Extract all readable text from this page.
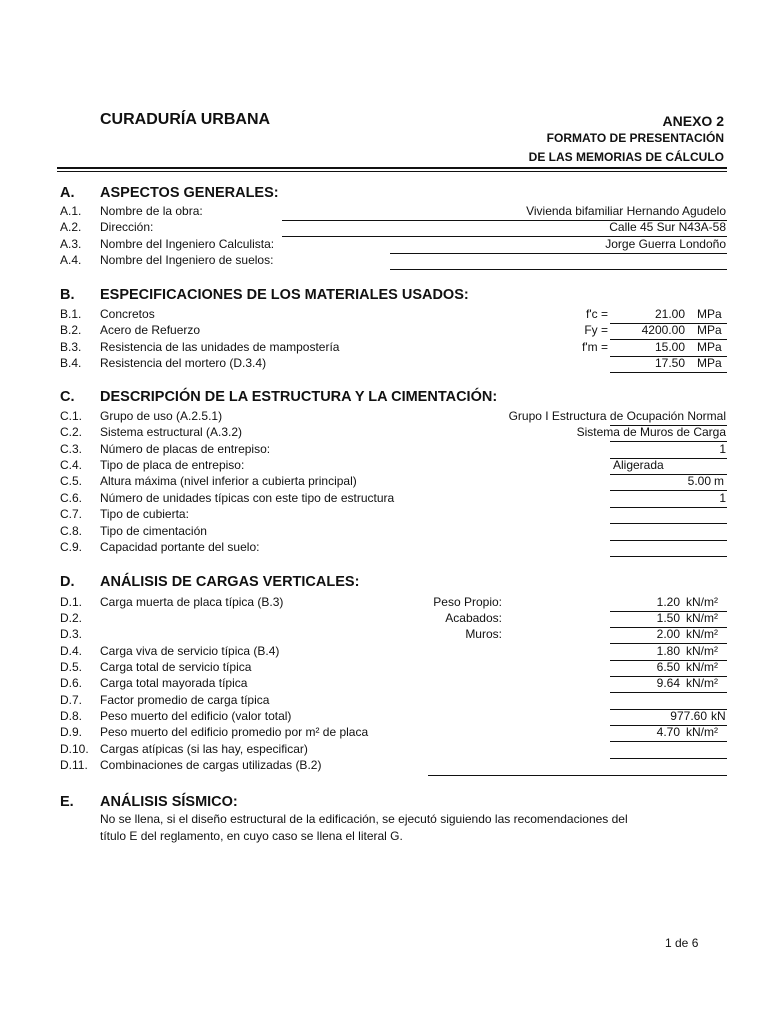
CURADURÍA URBANA	ANEXO 2
FORMATO DE PRESENTACIÓN
DE LAS MEMORIAS DE CÁLCULO
A. ASPECTOS GENERALES:
A.1. Nombre de la obra:	Vivienda bifamiliar Hernando Agudelo
A.2. Dirección:	Calle 45 Sur N43A-58
A.3. Nombre del Ingeniero Calculista:	Jorge Guerra Londoño
A.4. Nombre del Ingeniero de suelos:
B. ESPECIFICACIONES DE LOS MATERIALES USADOS:
B.1. Concretos	f'c =	21.00 MPa
B.2. Acero de Refuerzo	Fy =	4200.00 MPa
B.3. Resistencia de las unidades de mampostería	f'm =	15.00 MPa
B.4. Resistencia del mortero (D.3.4)	17.50 MPa
C. DESCRIPCIÓN DE LA ESTRUCTURA Y LA CIMENTACIÓN:
C.1. Grupo de uso (A.2.5.1)	Grupo I Estructura de Ocupación Normal
C.2. Sistema estructural (A.3.2)	Sistema de Muros de Carga
C.3. Número de placas de entrepiso:	1
C.4. Tipo de placa de entrepiso:	Aligerada
C.5. Altura máxima (nivel inferior a cubierta principal)	5.00 m
C.6. Número de unidades típicas con este tipo de estructura	1
C.7. Tipo de cubierta:
C.8. Tipo de cimentación
C.9. Capacidad portante del suelo:
D. ANÁLISIS DE CARGAS VERTICALES:
D.1. Carga muerta de placa típica (B.3)	Peso Propio:	1.20 kN/m²
D.2.	Acabados:	1.50 kN/m²
D.3.	Muros:	2.00 kN/m²
D.4. Carga viva de servicio típica (B.4)	1.80 kN/m²
D.5. Carga total de servicio típica	6.50 kN/m²
D.6. Carga total mayorada típica	9.64 kN/m²
D.7. Factor promedio de carga típica
D.8. Peso muerto del edificio (valor total)	977.60 kN
D.9. Peso muerto del edificio promedio por m² de placa	4.70 kN/m²
D.10. Cargas atípicas (si las hay, especificar)
D.11. Combinaciones de cargas utilizadas (B.2)
E. ANÁLISIS SÍSMICO:
No se llena, si el diseño estructural de la edificación, se ejecutó siguiendo las recomendaciones del
título E del reglamento, en cuyo caso se llena el literal G.
1 de 6
